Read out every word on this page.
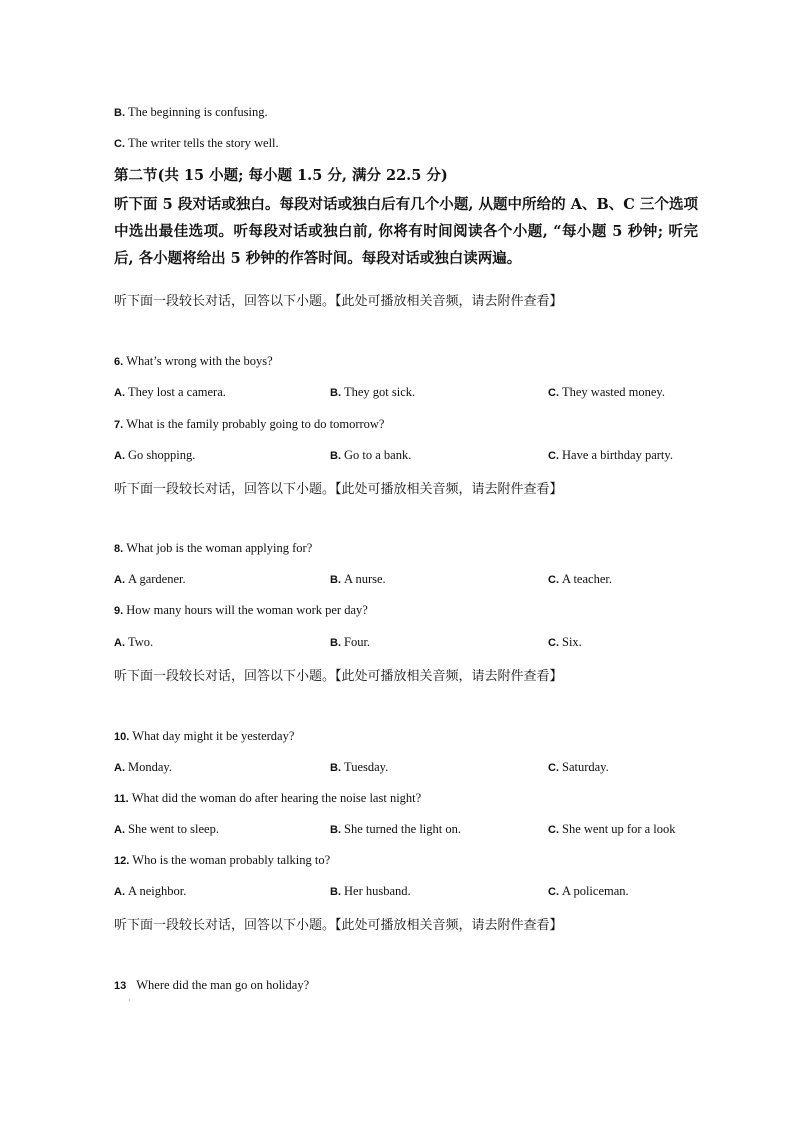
B. The beginning is confusing.
C. The writer tells the story well.
第二节(共 15 小题; 每小题 1.5 分, 满分 22.5 分)
听下面 5 段对话或独白。每段对话或独白后有几个小题, 从题中所给的 A、B、C 三个选项中选出最佳选项。听每段对话或独白前, 你将有时间阅读各个小题, “每小题 5 秒钟; 听完后, 各小题将给出 5 秒钟的作答时间。每段对话或独白读两遍。
听下面一段较长对话，回答以下小题。【此处可播放相关音频，请去附件查看】
6. What’s wrong with the boys?
A. They lost a camera.	B. They got sick.	C. They wasted money.
7. What is the family probably going to do tomorrow?
A. Go shopping.	B. Go to a bank.	C. Have a birthday party.
听下面一段较长对话，回答以下小题。【此处可播放相关音频，请去附件查看】
8. What job is the woman applying for?
A. A gardener.	B. A nurse.	C. A teacher.
9. How many hours will the woman work per day?
A. Two.	B. Four.	C. Six.
听下面一段较长对话，回答以下小题。【此处可播放相关音频，请去附件查看】
10. What day might it be yesterday?
A. Monday.	B. Tuesday.	C. Saturday.
11. What did the woman do after hearing the noise last night?
A. She went to sleep.	B. She turned the light on.	C. She went up for a look
12. Who is the woman probably talking to?
A. A neighbor.	B. Her husband.	C. A policeman.
听下面一段较长对话，回答以下小题。【此处可播放相关音频，请去附件查看】
13 Where did the man go on holiday?
·
